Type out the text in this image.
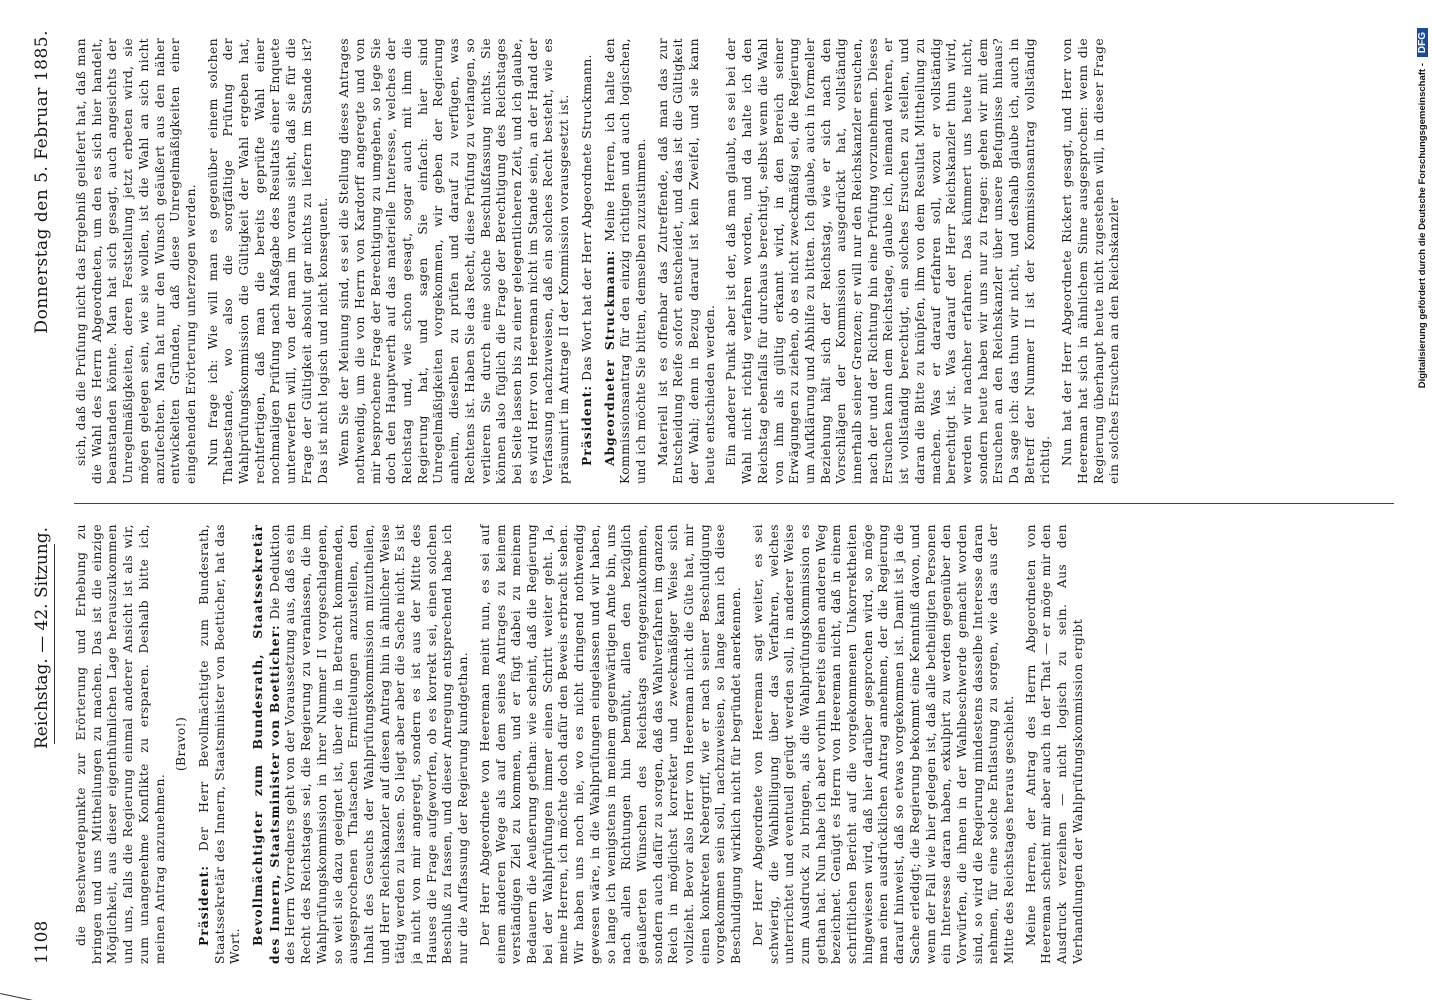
1108
Reichstag. — 42. Sitzung.
Donnerstag den 5. Februar 1885.

die Beschwerdepunkte zur Erörterung und Erhebung zu bringen und uns Mittheilungen zu machen. Das ist die einzige Möglichkeit, aus dieser eigenthümlichen Lage herauszukommen und uns, falls die Regierung einmal anderer Ansicht ist als wir, zum unangenehme Konflikte zu ersparen. Deshalb bitte ich, meinen Antrag anzunehmen.

(Bravo!)

Präsident: Der Herr Bevollmächtigte zum Bundesrath, Staatssekretär des Innern, Staatsminister von Boetticher, hat das Wort.

Bevollmächtigter zum Bundesrath, Staatssekretär des Innern, Staatsminister von Boetticher: Die Deduktion des Herrn Vorredners geht von der Voraussetzung aus, daß es ein Recht des Reichstages sei, die Regierung zu veranlassen, die im Wahlprüfungskommission in ihrer Nummer II vorgeschlagenen, so weit sie dazu geeignet ist, über die in Betracht kommenden, ausgesprochenen Thatsachen Ermittelungen anzustellen, den Inhalt des Gesuchs der Wahlprüfungskommission mitzutheilen, und Herr Reichskanzler auf diesen Antrag hin in ähnlicher Weise tätig werden zu lassen. So liegt aber aber die Sache nicht. Es ist ja nicht von mir angeregt, sondern es ist aus der Mitte des Hauses die Frage aufgeworfen, ob es korrekt sei, einen solchen Beschluß zu fassen, und dieser Anregung entsprechend habe ich nur die Auffassung der Regierung kundgethan. Der Herr Abgeordnete von Heereman meint nun, es sei auf einem anderen Wege als auf dem seines Antrages zu keinem verständigen Ziel zu kommen, und er fügt dabei zu meinem Bedauern die Aeußerung gethan: wie scheint, daß die Regierung bei der Wahlprüfungen immer einen Schritt weiter geht. Ja, meine Herren, ich möchte doch dafür den Beweis erbracht sehen. Wir haben uns noch nie, wo es nicht dringend nothwendig gewesen wäre, in die Wahlprüfungen eingelassen und wir haben, so lange ich wenigstens in meinem gegenwärtigen Amte bin, uns nach allen Richtungen hin bemüht, allen den bezüglich geäußerten Wünschen des Reichstags entgegenzukommen, sondern auch dafür zu sorgen, daß das Wahlverfahren im ganzen Reich in möglichst korrekter und zweckmäßiger Weise sich vollzieht. Bevor also Herr von Heereman nicht die Güte hat, mir einen konkreten Nebergriff, wie er nach seiner Beschuldigung vorgekommen sein soll, nachzuweisen, so lange kann ich diese Beschuldigung wirklich nicht für begründet anerkennen. Der Herr Abgeordnete von Heereman sagt weiter, es sei schwierig, die Wahlbilligung über das Verfahren, welches unterrichtet und eventuell gerügt werden soll, in anderer Weise zum Ausdruck zu bringen, als die Wahlprüfungskommission es gethan hat. Nun habe ich aber vorhin bereits einen anderen Weg bezeichnet. Genügt es Herrn von Heereman nicht, daß in einem schriftlichen Bericht auf die vorgekommenen Unkorrektheiten hingewiesen wird, daß hier darüber gesprochen wird, so möge man einen ausdrücklichen Antrag annehmen, der die Regierung darauf hinweist, daß so etwas vorgekommen ist. Damit ist ja die Sache erledigt; die Regierung bekommt eine Kenntniß davon, und wenn der Fall wie hier gelegen ist, daß alle betheiligten Personen ein Interesse daran haben, exkulpirt zu werden gegenüber den Vorwürfen, die ihnen in der Wahlbeschwerde gemacht worden sind, so wird die Regierung mindestens dasselbe Interesse daran nehmen, für eine solche Entlastung zu sorgen, wie das aus der Mitte des Reichstages heraus geschieht. Meine Herren, der Antrag des Herrn Abgeordneten von Heereman scheint mir aber auch in der That — er möge mir den Ausdruck verzeihen — nicht logisch zu sein. Aus den Verhandlungen der Wahlprüfungskommission ergibt

sich, daß die Prüfung nicht das Ergebniß geliefert hat, daß man die Wahl des Herrn Abgeordneten, um den es sich hier handelt, beanstanden könnte. Man hat sich gesagt, auch angesichts der Unregelmäßigkeiten, deren Feststellung jetzt erbeten wird, sie mögen gelegen sein, wie sie wollen, ist die Wahl an sich nicht anzufechten. Man hat nur den Wunsch geäußert aus den näher entwickelten Gründen, daß diese Unregelmäßigkeiten einer eingehenden Erörterung unterzogen werden. Nun frage ich: Wie will man es gegenüber einem solchen Thatbestande, wo also die sorgfältige Prüfung der Wahlprüfungskommission die Gültigkeit der Wahl ergeben hat, rechtfertigen, daß man die bereits geprüfte Wahl einer nochmaligen Prüfung nach Maßgabe des Resultats einer Enquete unterwerfen will, von der man im voraus sieht, daß sie für die Frage der Gültigkeit absolut gar nichts zu liefern im Stande ist? Das ist nicht logisch und nicht konsequent. Wenn Sie der Meinung sind, es sei die Stellung dieses Antrages nothwendig, um die von Herrn von Kardorff angeregte und von mir besprochene Frage der Berechtigung zu umgehen, so lege Sie doch den Hauptwerth auf das materielle Interesse, welches der Reichstag und, wie schon gesagt, sogar auch mit ihm die Regierung hat, und sagen Sie einfach: hier sind Unregelmäßigkeiten vorgekommen, wir geben der Regierung anheim, dieselben zu prüfen und darauf zu verfügen, was Rechtens ist. Haben Sie das Recht, diese Prüfung zu verlangen, so verlieren Sie durch eine solche Beschlußfassung nichts. Sie können also füglich die Frage der Berechtigung des Reichstages bei Seite lassen bis zu einer gelegentlicheren Zeit, und ich glaube, es wird Herr von Heereman nicht im Stande sein, an der Hand der Verfassung nachzuweisen, daß ein solches Recht besteht, wie es präsumirt im Antrage II der Kommission vorausgesetzt ist. Präsident: Das Wort hat der Herr Abgeordnete Struckmann. Abgeordneter Struckmann: Meine Herren, ich halte den Kommissionsantrag für den einzig richtigen und auch logischen, und ich möchte Sie bitten, demselben zuzustimmen. Materiell ist es offenbar das Zutreffende, daß man das zur Entscheidung Reife sofort entscheidet, und das ist die Gültigkeit der Wahl; denn in Bezug darauf ist kein Zweifel, und sie kann heute entschieden werden. Ein anderer Punkt aber ist der, daß man glaubt, es sei bei der Wahl nicht richtig verfahren worden, und da halte ich den Reichstag ebenfalls für durchaus berechtigt, selbst wenn die Wahl von ihm als gültig erkannt wird, in den Bereich seiner Erwägungen zu ziehen, ob es nicht zweckmäßig sei, die Regierung um Aufklärung und Abhilfe zu bitten. Ich glaube, auch in formeller Beziehung hält sich der Reichstag, wie er sich nach den Vorschlägen der Kommission ausgedrückt hat, vollständig innerhalb seiner Grenzen; er will nur den Reichskanzler ersuchen, nach der und der Richtung hin eine Prüfung vorzunehmen. Dieses Ersuchen kann dem Reichstage, glaube ich, niemand wehren, er ist vollständig berechtigt, ein solches Ersuchen zu stellen, und daran die Bitte zu knüpfen, ihm von dem Resultat Mittheilung zu machen. Was er darauf erfahren soll, wozu er vollständig berechtigt ist. Was darauf der Herr Reichskanzler thun wird, werden wir nachher erfahren. Das kümmert uns heute nicht, sondern heute haben wir uns nur zu fragen: gehen wir mit dem Ersuchen an den Reichskanzler über unsere Befugnisse hinaus? Da sage ich: das thun wir nicht, und deshalb glaube ich, auch in Betreff der Nummer II ist der Kommissionsantrag vollständig richtig. Nun hat der Herr Abgeordnete Rickert gesagt, und Herr von Heereman hat sich in ähnlichem Sinne ausgesprochen: wenn die Regierung überhaupt heute nicht zugestehen will, in dieser Frage ein solches Ersuchen an den Reichskanzler	Digitalisierung gefördert durch die Deutsche Forschungsgemeinschaft -
DFG
